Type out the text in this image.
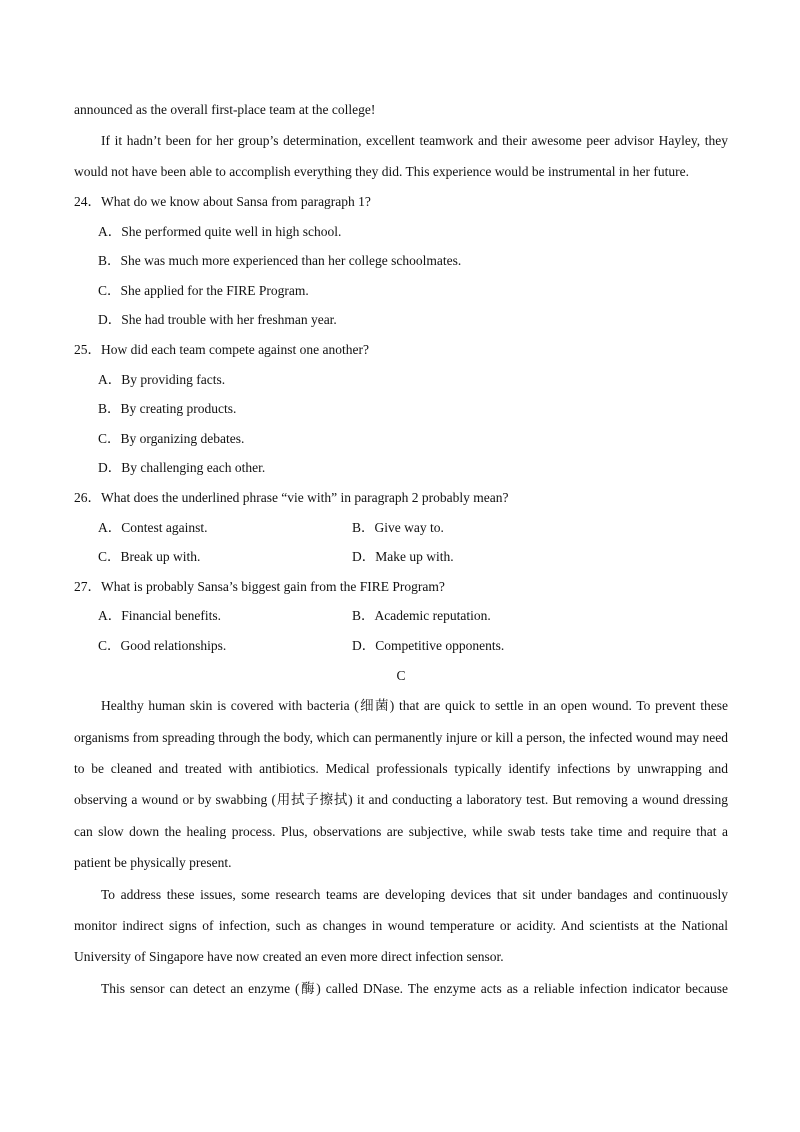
announced as the overall first-place team at the college!

If it hadn’t been for her group’s determination, excellent teamwork and their awesome peer advisor Hayley, they would not have been able to accomplish everything they did. This experience would be instrumental in her future.

24．What do we know about Sansa from paragraph 1?

A．She performed quite well in high school.

B．She was much more experienced than her college schoolmates.

C．She applied for the FIRE Program.

D．She had trouble with her freshman year.

25．How did each team compete against one another?

A．By providing facts.

B．By creating products.

C．By organizing debates.

D．By challenging each other.

26．What does the underlined phrase “vie with” in paragraph 2 probably mean?

A．Contest against.	B．Give way to.
C．Break up with.	D．Make up with.

27．What is probably Sansa’s biggest gain from the FIRE Program?

A．Financial benefits.	B．Academic reputation.
C．Good relationships.	D．Competitive opponents.

C

Healthy human skin is covered with bacteria (细菌) that are quick to settle in an open wound. To prevent these organisms from spreading through the body, which can permanently injure or kill a person, the infected wound may need to be cleaned and treated with antibiotics. Medical professionals typically identify infections by unwrapping and observing a wound or by swabbing (用拭子擦拭) it and conducting a laboratory test. But removing a wound dressing can slow down the healing process. Plus, observations are subjective, while swab tests take time and require that a patient be physically present.

To address these issues, some research teams are developing devices that sit under bandages and continuously monitor indirect signs of infection, such as changes in wound temperature or acidity. And scientists at the National University of Singapore have now created an even more direct infection sensor.

This sensor can detect an enzyme (酶) called DNase. The enzyme acts as a reliable infection indicator because
